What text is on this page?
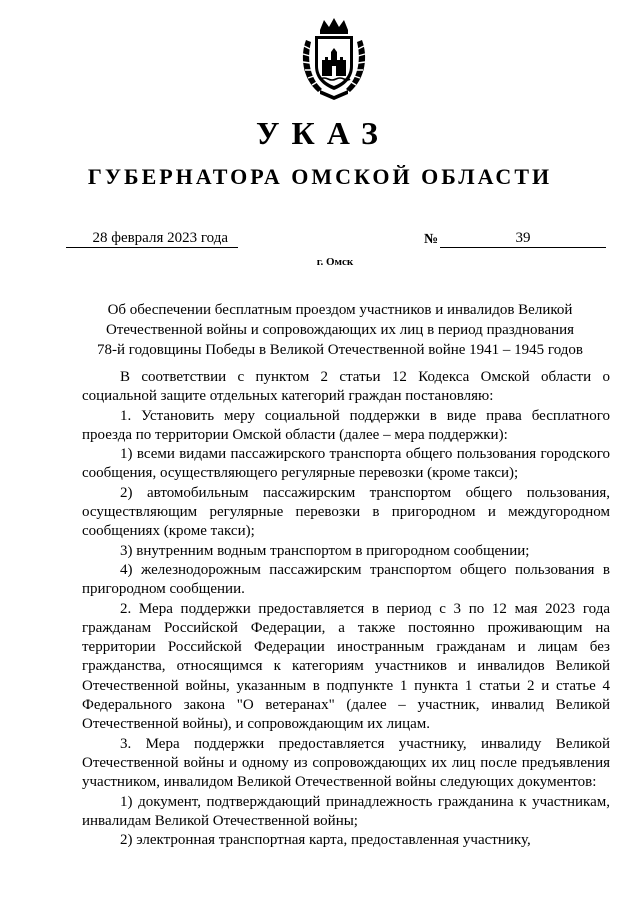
УКАЗ
ГУБЕРНАТОРА ОМСКОЙ ОБЛАСТИ
28 февраля 2023 года	№	39
г. Омск
Об обеспечении бесплатным проездом участников и инвалидов Великой
Отечественной войны и сопровождающих их лиц в период празднования
78-й годовщины Победы в Великой Отечественной войне 1941 – 1945 годов

В соответствии с пунктом 2 статьи 12 Кодекса Омской области о социальной защите отдельных категорий граждан постановляю:

1. Установить меру социальной поддержки в виде права бесплатного проезда по территории Омской области (далее – мера поддержки):

1) всеми видами пассажирского транспорта общего пользования городского сообщения, осуществляющего регулярные перевозки (кроме такси);

2) автомобильным пассажирским транспортом общего пользования, осуществляющим регулярные перевозки в пригородном и междугородном сообщениях (кроме такси);

3) внутренним водным транспортом в пригородном сообщении;

4) железнодорожным пассажирским транспортом общего пользования в пригородном сообщении.

2. Мера поддержки предоставляется в период с 3 по 12 мая 2023 года гражданам Российской Федерации, а также постоянно проживающим на территории Российской Федерации иностранным гражданам и лицам без гражданства, относящимся к категориям участников и инвалидов Великой Отечественной войны, указанным в подпункте 1 пункта 1 статьи 2 и статье 4 Федерального закона "О ветеранах" (далее – участник, инвалид Великой Отечественной войны), и сопровождающим их лицам.

3. Мера поддержки предоставляется участнику, инвалиду Великой Отечественной войны и одному из сопровождающих их лиц после предъявления участником, инвалидом Великой Отечественной войны следующих документов:

1) документ, подтверждающий принадлежность гражданина к участникам, инвалидам Великой Отечественной войны;

2) электронная транспортная карта, предоставленная участнику,
